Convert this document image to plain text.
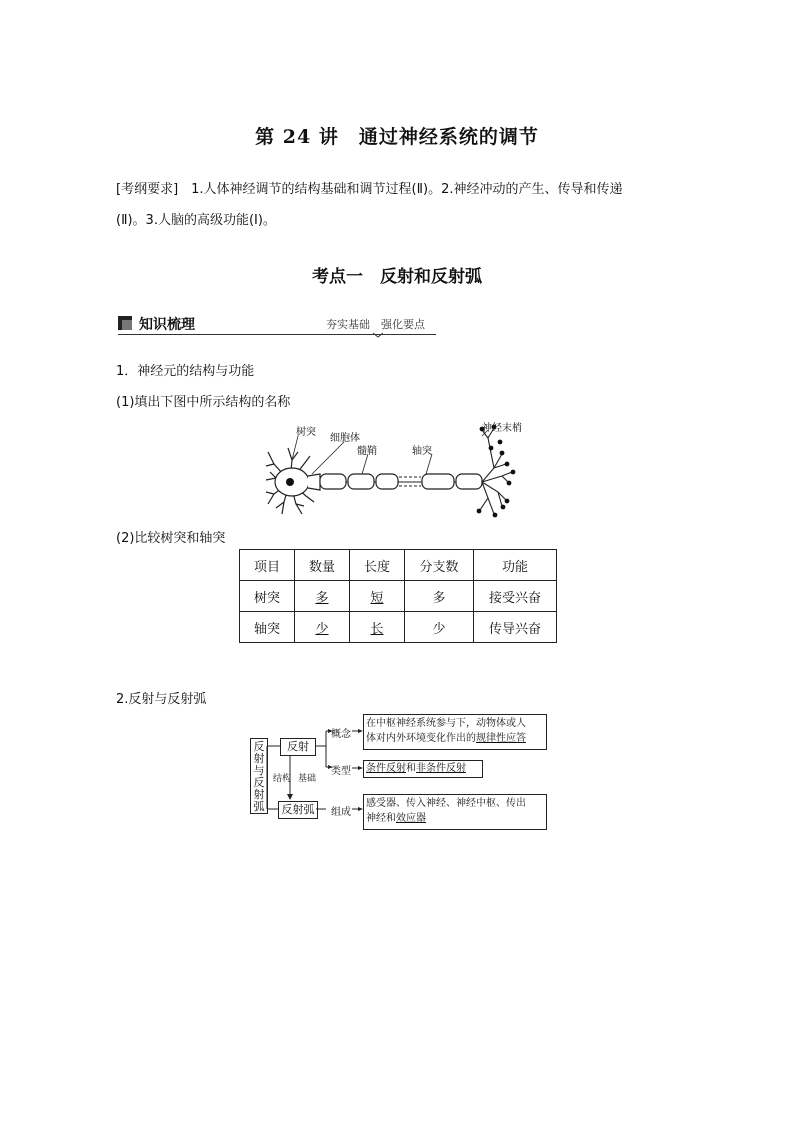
第 24 讲　通过神经系统的调节
[考纲要求]　1.人体神经调节的结构基础和调节过程(Ⅱ)。2.神经冲动的产生、传导和传递
(Ⅱ)。3.人脑的高级功能(Ⅰ)。
考点一　反射和反射弧
知识梳理	夯实基础　强化要点
1．神经元的结构与功能
(1)填出下图中所示结构的名称
树突
细胞体
髓鞘	轴突
神经末梢
(2)比较树突和轴突
项目	数量	长度	分支数	功能
树突	多	短	多	接受兴奋
轴突	少	长	少	传导兴奋
2.反射与反射弧
反射与反射弧
反射
反射弧
结构 基础
概念
在中枢神经系统参与下，动物体或人
体对内外环境变化作出的规律性应答
类型	条件反射和非条件反射
组成
感受器、传入神经、神经中枢、传出
神经和效应器
